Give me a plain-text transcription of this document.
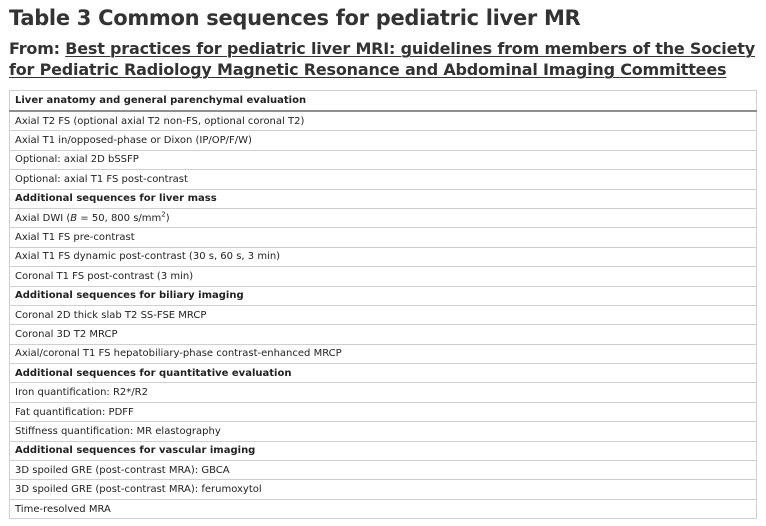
Table 3 Common sequences for pediatric liver MR

From: Best practices for pediatric liver MRI: guidelines from members of the Society for Pediatric Radiology Magnetic Resonance and Abdominal Imaging Committees

Liver anatomy and general parenchymal evaluation
Axial T2 FS (optional axial T2 non-FS, optional coronal T2)
Axial T1 in/opposed-phase or Dixon (IP/OP/F/W)
Optional: axial 2D bSSFP
Optional: axial T1 FS post-contrast
Additional sequences for liver mass
Axial DWI (B = 50, 800 $s/mm^2$)
Axial T1 FS pre-contrast
Axial T1 FS dynamic post-contrast (30 s, 60 s, 3 min)
Coronal T1 FS post-contrast (3 min)
Additional sequences for biliary imaging
Coronal 2D thick slab T2 SS-FSE MRCP
Coronal 3D T2 MRCP
Axial/coronal T1 FS hepatobiliary-phase contrast-enhanced MRCP
Additional sequences for quantitative evaluation
Iron quantification: R2*/R2
Fat quantification: PDFF
Stiffness quantification: MR elastography
Additional sequences for vascular imaging
3D spoiled GRE (post-contrast MRA): GBCA
3D spoiled GRE (post-contrast MRA): ferumoxytol
Time-resolved MRA
